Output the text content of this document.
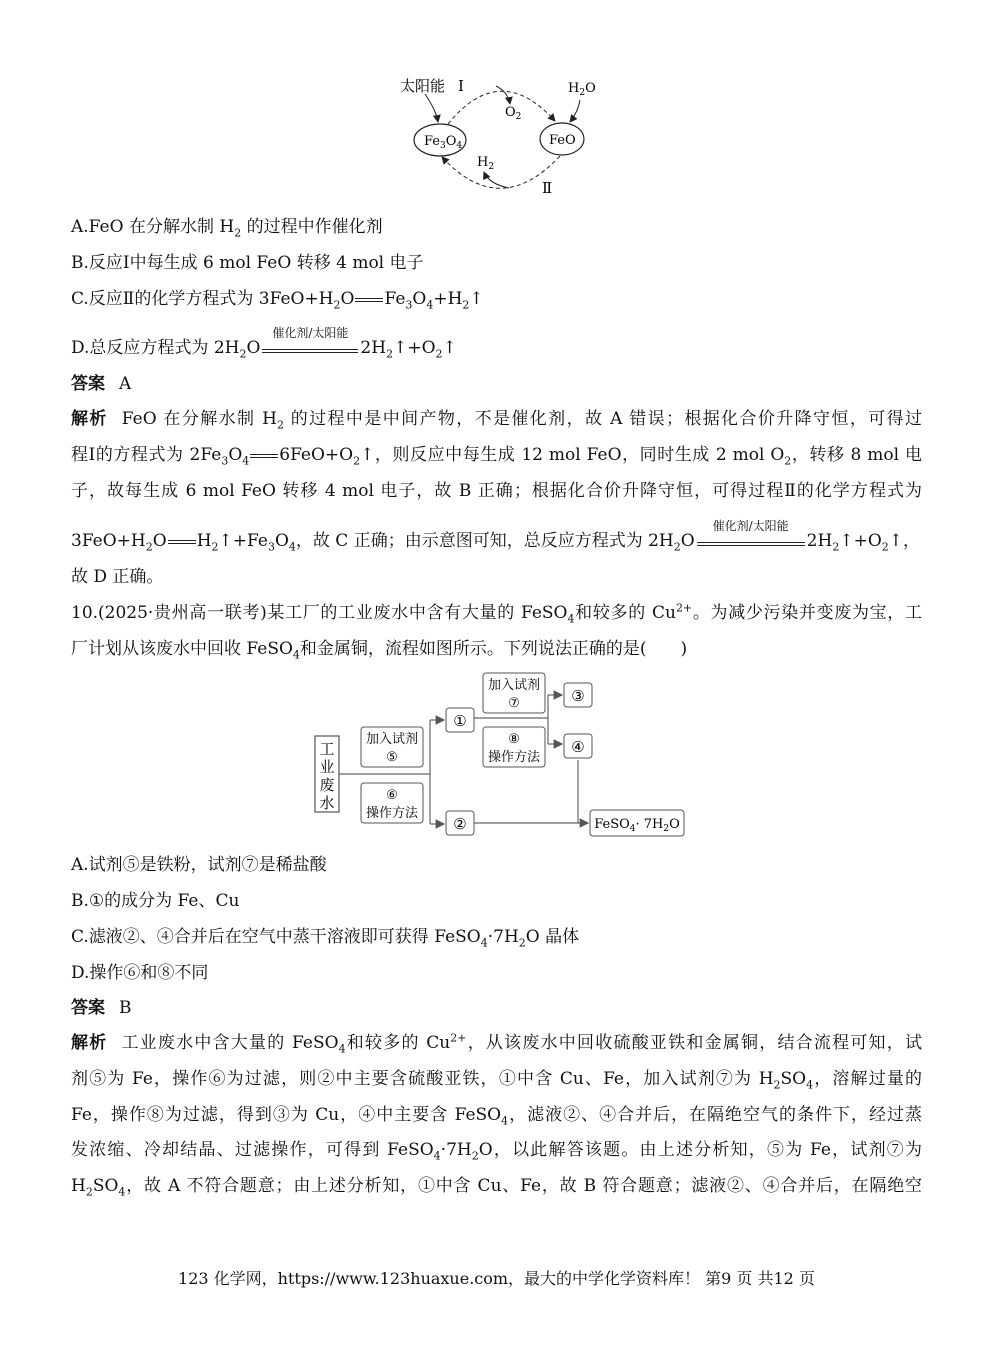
太阳能 Ⅰ
$O_2$
$H_2O$
$H_2$
Ⅱ
$Fe_3O_4$	FeO
A.FeO 在分解水制 $H_2$ 的过程中作催化剂
B.反应Ⅰ中每生成 6 mol FeO 转移 4 mol 电子
C.反应Ⅱ的化学方程式为 $3FeO+H_2O$ $Fe_3O_4+H_2↑$
D.总反应方程式为 $2H_2O$
催化剂/太阳能
$2H_2↑+O_2↑$
答案 A
解析 FeO 在分解水制 $H_2$ 的过程中是中间产物，不是催化剂，故 A 错误；根据化合价升降守恒，可得过
程Ⅰ的方程式为 $2Fe_3O_4$ $6FeO+O_2↑$，则反应中每生成 12 mol FeO，同时生成 2 mol $O_2$，转移 8 mol 电
子，故每生成 6 mol FeO 转移 4 mol 电子，故 B 正确；根据化合价升降守恒，可得过程Ⅱ的化学方程式为
$3FeO+H_2O$ $H_2↑+Fe_3O_4$，故 C 正确；由示意图可知，总反应方程式为 $2H_2O$
催化剂/太阳能
$2H_2↑+O_2↑$，
故 D 正确。
10.(2025·贵州高一联考)某工厂的工业废水中含有大量的 FeSO$_4$和较多的 $Cu^{2+}$。为减少污染并变废为宝，工
厂计划从该废水中回收 FeSO$_4$和金属铜，流程如图所示。下列说法正确的是(　　)
工
业
废
水
加入试剂
⑤
⑥
操作方法
①
②
加入试剂
⑦
⑧
操作方法
③
④
FeSO$_4$· $7H_2O$
A.试剂⑤是铁粉，试剂⑦是稀盐酸
B.①的成分为 Fe、Cu
C.滤液②、④合并后在空气中蒸干溶液即可获得 $FeSO_4\cdot 7H_2O$ 晶体
D.操作⑥和⑧不同
答案 B
解析 工业废水中含大量的 FeSO$_4$和较多的 $Cu^{2+}$，从该废水中回收硫酸亚铁和金属铜，结合流程可知，试
剂⑤为 Fe，操作⑥为过滤，则②中主要含硫酸亚铁，①中含 Cu、Fe，加入试剂⑦为 $H_2SO_4$，溶解过量的
Fe，操作⑧为过滤，得到③为 Cu，④中主要含 FeSO$_4$，滤液②、④合并后，在隔绝空气的条件下，经过蒸
发浓缩、冷却结晶、过滤操作，可得到 $FeSO_4\cdot 7H_2O$，以此解答该题。由上述分析知，⑤为 Fe，试剂⑦为
$H_2SO_4$，故 A 不符合题意；由上述分析知，①中含 Cu、Fe，故 B 符合题意；滤液②、④合并后，在隔绝空
123 化学网，https://www.123huaxue.com，最大的中学化学资料库！ 第9 页 共12 页
